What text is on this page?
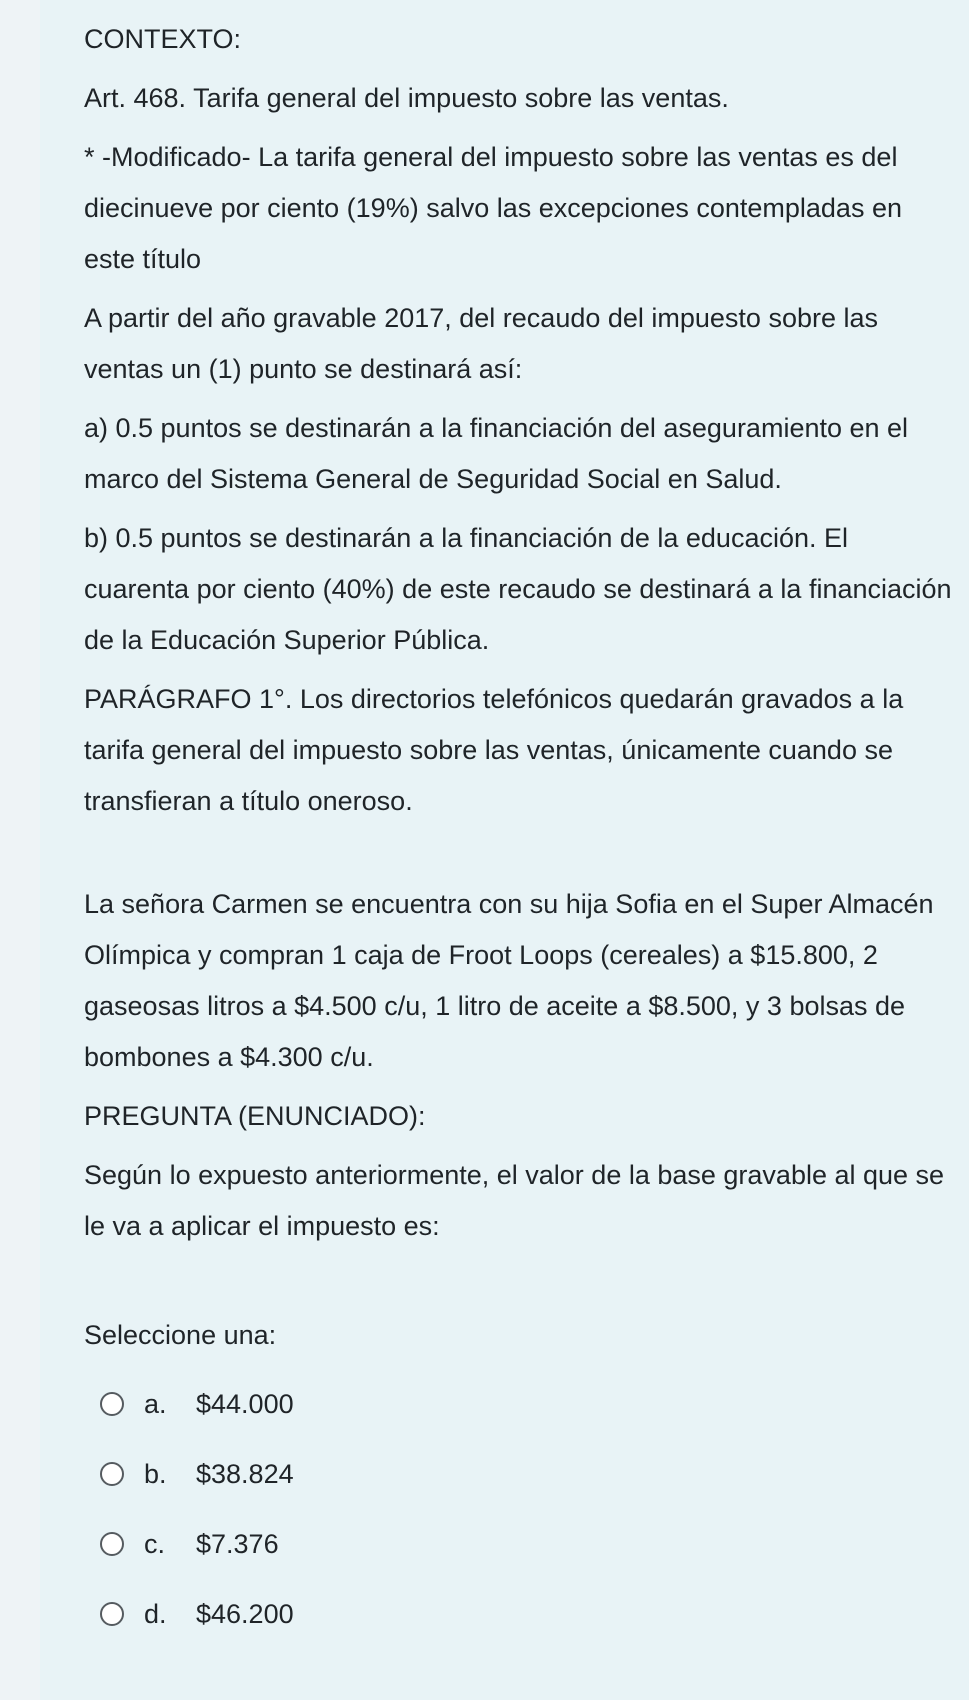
CONTEXTO:

Art. 468. Tarifa general del impuesto sobre las ventas.

* -Modificado- La tarifa general del impuesto sobre las ventas es del diecinueve por ciento (19%) salvo las excepciones contempladas en este título

A partir del año gravable 2017, del recaudo del impuesto sobre las ventas un (1) punto se destinará así:

a) 0.5 puntos se destinarán a la financiación del aseguramiento en el marco del Sistema General de Seguridad Social en Salud.

b) 0.5 puntos se destinarán a la financiación de la educación. El cuarenta por ciento (40%) de este recaudo se destinará a la financiación de la Educación Superior Pública.

PARÁGRAFO 1°. Los directorios telefónicos quedarán gravados a la tarifa general del impuesto sobre las ventas, únicamente cuando se transfieran a título oneroso.

La señora Carmen se encuentra con su hija Sofia en el Super Almacén Olímpica y compran 1 caja de Froot Loops (cereales) a $15.800, 2 gaseosas litros a $4.500 c/u, 1 litro de aceite a $8.500, y 3 bolsas de bombones a $4.300 c/u.

PREGUNTA (ENUNCIADO):

Según lo expuesto anteriormente, el valor de la base gravable al que se le va a aplicar el impuesto es:

Seleccione una:

a.	$44.000
b.	$38.824
c.	$7.376
d.	$46.200
